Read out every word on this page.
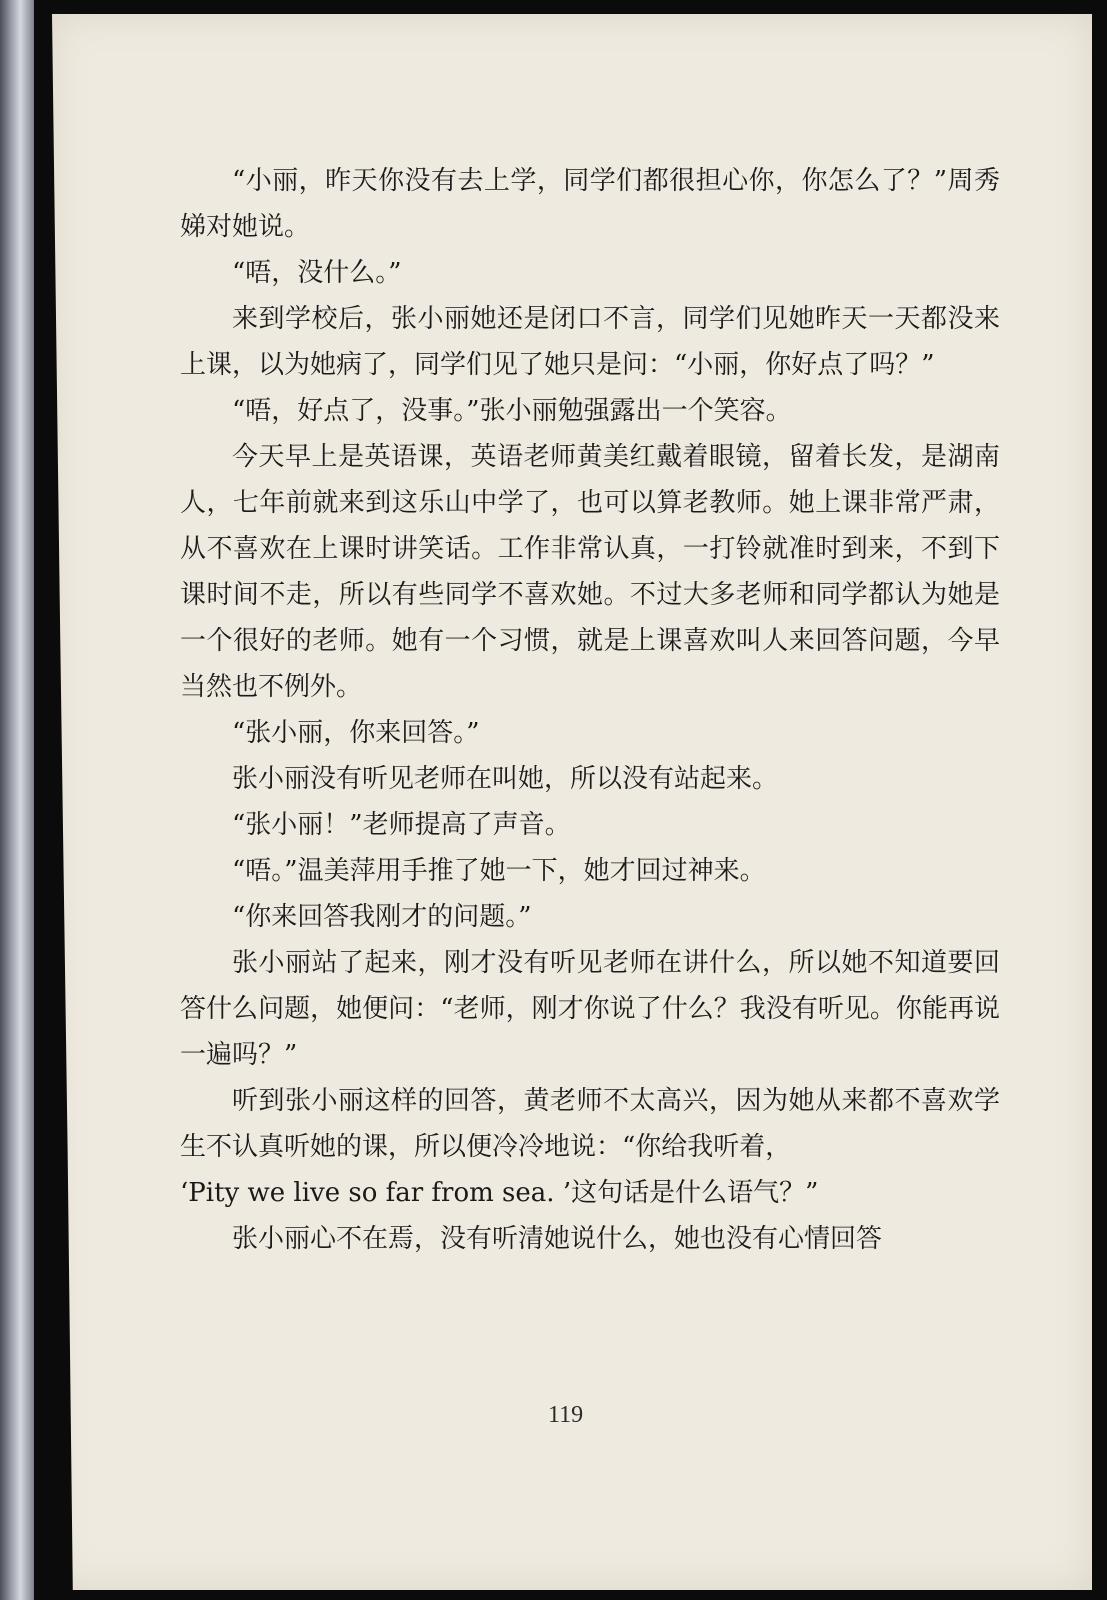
“小丽，昨天你没有去上学，同学们都很担心你，你怎么了？”周秀娣对她说。

“唔，没什么。”

来到学校后，张小丽她还是闭口不言，同学们见她昨天一天都没来上课，以为她病了，同学们见了她只是问：“小丽，你好点了吗？”

“唔，好点了，没事。”张小丽勉强露出一个笑容。

今天早上是英语课，英语老师黄美红戴着眼镜，留着长发，是湖南人，七年前就来到这乐山中学了，也可以算老教师。她上课非常严肃，从不喜欢在上课时讲笑话。工作非常认真，一打铃就准时到来，不到下课时间不走，所以有些同学不喜欢她。不过大多老师和同学都认为她是一个很好的老师。她有一个习惯，就是上课喜欢叫人来回答问题，今早当然也不例外。

“张小丽，你来回答。”

张小丽没有听见老师在叫她，所以没有站起来。

“张小丽！”老师提高了声音。

“唔。”温美萍用手推了她一下，她才回过神来。

“你来回答我刚才的问题。”

张小丽站了起来，刚才没有听见老师在讲什么，所以她不知道要回答什么问题，她便问：“老师，刚才你说了什么？我没有听见。你能再说一遍吗？”

听到张小丽这样的回答，黄老师不太高兴，因为她从来都不喜欢学生不认真听她的课，所以便冷冷地说：“你给我听着，

‘Pity we live so far from sea. ’这句话是什么语气？”

张小丽心不在焉，没有听清她说什么，她也没有心情回答

119
